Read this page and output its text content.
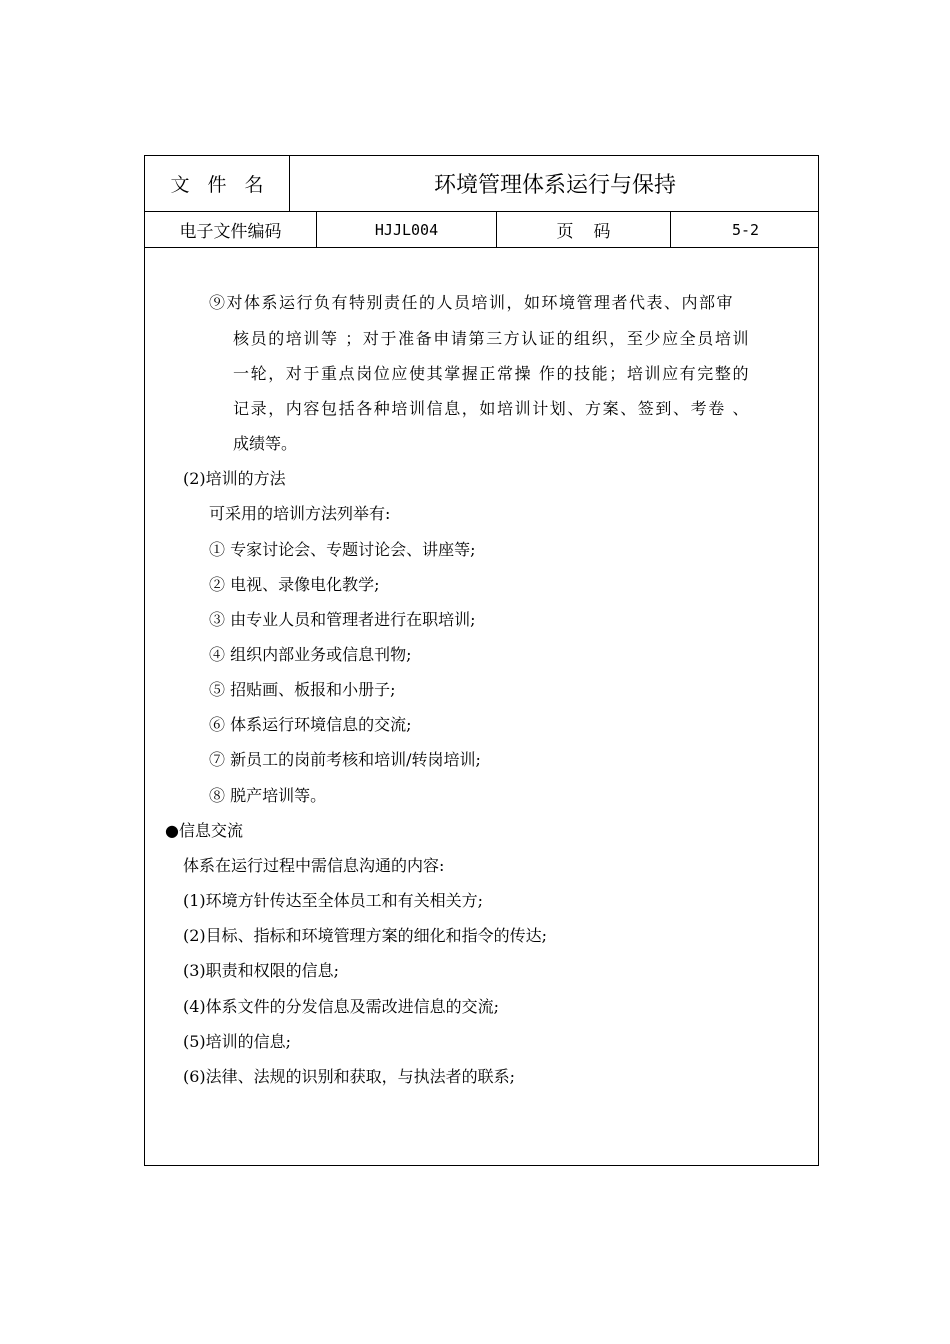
文件名	环境管理体系运行与保持
电子文件编码	HJJL004	页码	5-2
⑨对体系运行负有特别责任的人员培训，如环境管理者代表、内部审
核员的培训等 ；对于准备申请第三方认证的组织，至少应全员培训
一轮，对于重点岗位应使其掌握正常操 作的技能；培训应有完整的
记录，内容包括各种培训信息，如培训计划、方案、签到、考卷 、
成绩等。
(2)培训的方法
可采用的培训方法列举有:
① 专家讨论会、专题讨论会、讲座等;
② 电视、录像电化教学;
③ 由专业人员和管理者进行在职培训;
④ 组织内部业务或信息刊物;
⑤ 招贴画、板报和小册子;
⑥ 体系运行环境信息的交流;
⑦ 新员工的岗前考核和培训/转岗培训;
⑧ 脱产培训等。
●信息交流
体系在运行过程中需信息沟通的内容:
(1)环境方针传达至全体员工和有关相关方;
(2)目标、指标和环境管理方案的细化和指令的传达;
(3)职责和权限的信息;
(4)体系文件的分发信息及需改进信息的交流;
(5)培训的信息;
(6)法律、法规的识别和获取，与执法者的联系;
